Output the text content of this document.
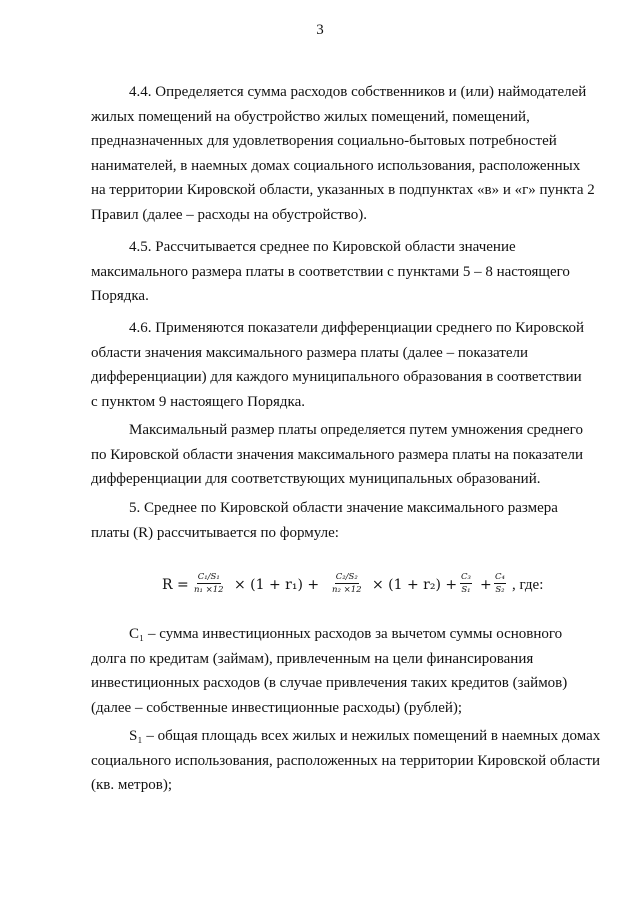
3
4.4. Определяется сумма расходов собственников и (или) наймодателей
жилых помещений на обустройство жилых помещений, помещений,
предназначенных для удовлетворения социально-бытовых потребностей
нанимателей, в наемных домах социального использования, расположенных
на территории Кировской области, указанных в подпунктах «в» и «г» пункта 2
Правил (далее – расходы на обустройство).
4.5. Рассчитывается среднее по Кировской области значение
максимального размера платы в соответствии с пунктами 5 – 8 настоящего
Порядка.
4.6. Применяются показатели дифференциации среднего по Кировской
области значения максимального размера платы (далее – показатели
дифференциации) для каждого муниципального образования в соответствии
с пунктом 9 настоящего Порядка.
Максимальный размер платы определяется путем умножения среднего
по Кировской области значения максимального размера платы на показатели
дифференциации для соответствующих муниципальных образований.
5. Среднее по Кировской области значение максимального размера
платы (R) рассчитывается по формуле:
$R = \frac{\text{C₁/S₁}}{\text{n₁ ×12}} \times (1 + r_1) + \frac{\text{C₂/S₂}}{\text{n₂ ×12}} \times (1 + r_2) + \frac{\text{C₃}}{\text{S₁}} + \frac{\text{C₄}}{\text{S₂}}$ , где:
С₁ – сумма инвестиционных расходов за вычетом суммы основного
долга по кредитам (займам), привлеченным на цели финансирования
инвестиционных расходов (в случае привлечения таких кредитов (займов)
(далее – собственные инвестиционные расходы) (рублей);
S₁ – общая площадь всех жилых и нежилых помещений в наемных домах
социального использования, расположенных на территории Кировской области
(кв. метров);
